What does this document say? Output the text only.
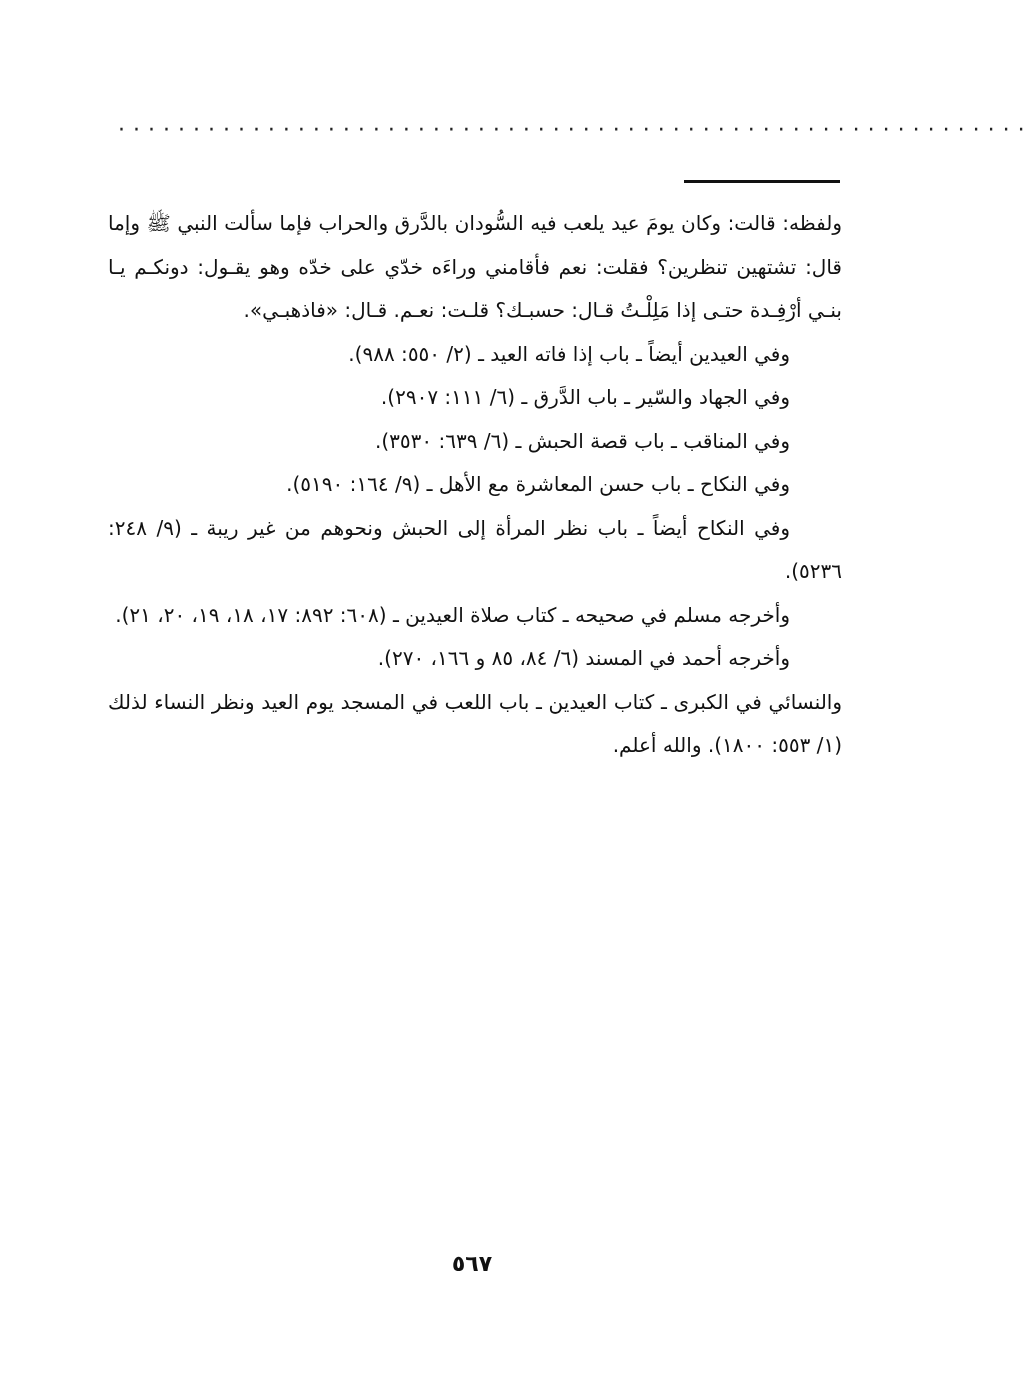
·····························································

ولفظه: قالت: وكان يومَ عيد يلعب فيه السُّودان بالدَّرق والحراب فإما سألت النبي ﷺ وإما قال: تشتهين تنظرين؟ فقلت: نعم فأقامني وراءَه خدّي على خدّه وهو يقـول: دونكـم يـا بنـي أرْفِـدة حتـى إذا مَلِلْـتُ قـال: حسبـك؟ قلـت: نعـم. قـال: «فاذهبـي».

وفي العيدين أيضاً ـ باب إذا فاته العيد ـ (٢/ ٥٥٠: ٩٨٨).

وفي الجهاد والسّير ـ باب الدَّرق ـ (٦/ ١١١: ٢٩٠٧).

وفي المناقب ـ باب قصة الحبش ـ (٦/ ٦٣٩: ٣٥٣٠).

وفي النكاح ـ باب حسن المعاشرة مع الأهل ـ (٩/ ١٦٤: ٥١٩٠).

وفي النكاح أيضاً ـ باب نظر المرأة إلى الحبش ونحوهم من غير ريبة ـ (٩/ ٢٤٨: ٥٢٣٦).

وأخرجه مسلم في صحيحه ـ كتاب صلاة العيدين ـ (٦٠٨: ٨٩٢: ١٧، ١٨، ١٩، ٢٠، ٢١).

وأخرجه أحمد في المسند (٦/ ٨٤، ٨٥ و ١٦٦، ٢٧٠).

والنسائي في الكبرى ـ كتاب العيدين ـ باب اللعب في المسجد يوم العيد ونظر النساء لذلك (١/ ٥٥٣: ١٨٠٠). والله أعلم.

٥٦٧
